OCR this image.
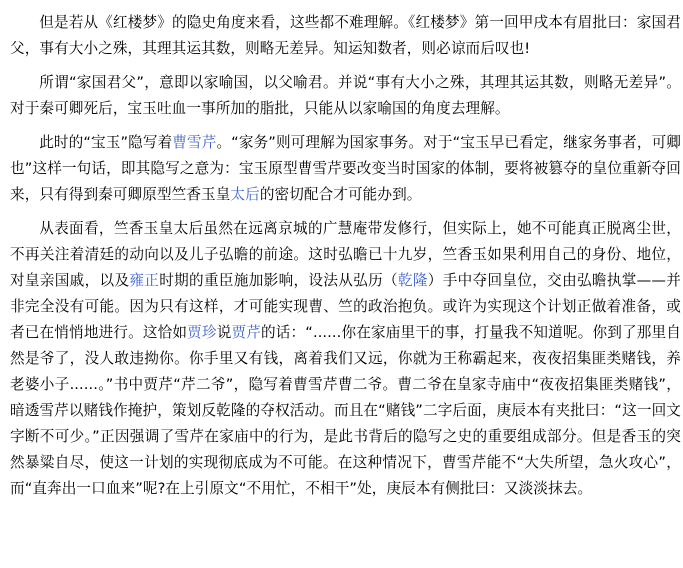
但是若从《红楼梦》的隐史角度来看，这些都不难理解。《红楼梦》第一回甲戌本有眉批曰：家国君父，事有大小之殊，其理其运其数，则略无差异。知运知数者，则必谅而后叹也!
所谓“家国君父”，意即以家喻国，以父喻君。并说“事有大小之殊，其理其运其数，则略无差异”。对于秦可卿死后，宝玉吐血一事所加的脂批，只能从以家喻国的角度去理解。
此时的“宝玉”隐写着曹雪芹。“家务”则可理解为国家事务。对于“宝玉早已看定，继家务事者，可卿也”这样一句话，即其隐写之意为：宝玉原型曹雪芹要改变当时国家的体制，要将被篡夺的皇位重新夺回来，只有得到秦可卿原型竺香玉皇太后的密切配合才可能办到。
从表面看，竺香玉皇太后虽然在远离京城的广慧庵带发修行，但实际上，她不可能真正脱离尘世，不再关注着清廷的动向以及儿子弘曕的前途。这时弘曕已十九岁，竺香玉如果利用自己的身份、地位，对皇亲国戚，以及雍正时期的重臣施加影响，设法从弘历（乾隆）手中夺回皇位，交由弘曕执掌——并非完全没有可能。因为只有这样，才可能实现曹、竺的政治抱负。或许为实现这个计划正做着准备，或者已在悄悄地进行。这恰如贾珍说贾芹的话：“......你在家庙里干的事，打量我不知道呢。你到了那里自然是爷了，没人敢违拗你。你手里又有钱，离着我们又远，你就为王称霸起来，夜夜招集匪类赌钱，养老婆小子......。”书中贾芹“芹二爷”，隐写着曹雪芹曹二爷。曹二爷在皇家寺庙中“夜夜招集匪类赌钱”，暗透雪芹以赌钱作掩护，策划反乾隆的夺权活动。而且在“赌钱”二字后面，庚辰本有夹批曰：“这一回文字断不可少。”正因强调了雪芹在家庙中的行为，是此书背后的隐写之史的重要组成部分。但是香玉的突然暴粱自尽，使这一计划的实现彻底成为不可能。在这种情况下，曹雪芹能不“大失所望，急火攻心”，而“直奔出一口血来”呢?在上引原文“不用忙，不相干”处，庚辰本有侧批曰：又淡淡抹去。
